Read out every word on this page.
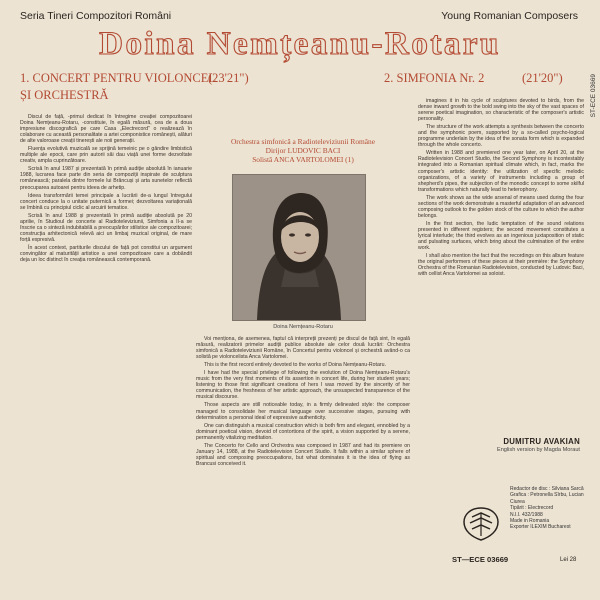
Seria Tineri Compozitori Români	Young Romanian Composers
Doina Nemțeanu-Rotaru
ST-ECE 03669
1. CONCERT PENTRU VIOLONCEL
ȘI ORCHESTRĂ
(23'21")	2. SIMFONIA Nr. 2	(21'20")

Discul de față, -primul dedicat în întregime creației compozitoarei Doina Nemțeanu-Rotaru, -constituie, în egală măsură, cea de a doua impresiune discografică pe care Casa „Electrecord” o realizează în colaborare cu această personalitate a artei componistice românești, alături de alte valoroase creații tinerești ale noii generații.

Fluența evolutivă muzicală se sprijină temeinic pe o gândire limbistică multiple ale epocii, care prin autorii săi dau viață unei forme dezvoltate creativ, ampla cuprinzătoare.

Scrisă în anul 1987 și prezentată în primă audiție absolută în ianuarie 1988, lucrarea face parte din seria de compoziții inspirate de sculptura românească; paralela dintre formele lui Brâncuși și arta sunetelor reflectă preocuparea autoarei pentru ideea de arhetip.

Ideea transformării temei principale a lucrării de-a lungul întregului concert conduce la o unitate puternică a formei; dezvoltarea variațională se îmbină cu principiul ciclic al arcuirii tematice.

Scrisă în anul 1988 și prezentată în primă audiție absolută pe 20 aprilie, în Studioul de concerte al Radioteleviziunii, Simfonia a II-a se înscrie ca o sinteză indubitabilă a preocupărilor stilistice ale compozitoarei; construcția arhitectonică relevă aici un limbaj muzical original, de mare forță expresivă.

În acest context, partiturile discului de față pot constitui un argument convingător al maturității artistice a unei compozitoare care a dobândit deja un loc distinct în creația românească contemporană.

Orchestra simfonică a Radioteleviziunii Române
Dirijor LUDOVIC BACI
Solistă ANCA VARTOLOMEI (1)
Doina Nemțeanu-Rotaru

Voi menționa, de asemenea, faptul că interpreții prezenți pe discul de față sint, în egală măsură, realizatorii primelor audiții publice absolute ale celor două lucrări: Orchestra simfonică a Radioteleviziunii Române, în Concertul pentru violoncel și orchestră având-o ca solistă pe violoncelista Anca Vartolomei.

This is the first record entirely devoted to the works of Doina Nemțeanu-Rotaru.

I have had the special privilege of following the evolution of Doina Nemțeanu-Rotaru's music from the very first moments of its assertion in concert life, during her student years; listening to those first significant creations of hers I was moved by the sincerity of her communication, the freshness of her artistic approach, the unsuspected transparence of the musical discourse.

Those aspects are still noticeable today, in a firmly delineated style: the composer managed to consolidate her musical language over successive stages, pursuing with determination a personal ideal of expressive authenticity.

One can distinguish a musical construction which is both firm and elegant, ennobled by a dominant poetical vision, devoid of contortions of the spirit, a vision supported by a serene, permanently vitalizing meditation.

The Concerto for Cello and Orchestra was composed in 1987 and had its premiere on January 14, 1988, at the Radiotelevision Concert Studio. It falls within a similar sphere of spiritual and composing preoccupations, but what dominates it is the idea of flying as Brancusi conceived it.

imagines it in his cycle of sculptures devoted to birds, from the dense inward growth to the bold swing into the sky of the vast spaces of serene poetical imagination, so characteristic of the composer's artistic personality.

The structure of the work attempts a synthesis between the concerto and the symphonic poem, supported by a so-called psycho-logical programme underlain by the idea of the sonata form which is expanded through the whole concerto.

Written in 1988 and premiered one year later, on April 20, at the Radiotelevision Concert Studio, the Second Symphony is incontestably integrated into a Romanian spiritual climate which, in fact, marks the composer's artistic identity: the utilization of specific melodic organizations, of a variety of instruments including a group of shepherd's pipes, the subjection of the monodic concept to some skilful transformations which naturally lead to heterophony.

The work shows as the wide arsenal of means used during the four sections of the work demonstrate a masterful adaptation of an advanced composing outlook to the golden stock of the culture to which the author belongs.

In the first section, the ludic temptation of the sound relations presented in different registers; the second movement constitutes a lyrical interlude; the third evolves as an ingenious juxtaposition of static and pulsating surfaces, which bring about the culmination of the entire work.

I shall also mention the fact that the recordings on this album feature the original performers of these pieces at their première: the Symphony Orchestra of the Romanian Radiotelevision, conducted by Ludovic Baci, with cellist Anca Vartolomei as soloist.

DUMITRU AVAKIAN
English version by Magda Moraut
Redactor de disc : Silviana Sarcă
Grafica : Petronella Sîrbu, Lucian Ciurea
Tipărit : Electrecord
N.I.I. 432/1988
Made in Romania
Exporter ILEXIM Bucharest
ST—ECE 03669	Lei 28
